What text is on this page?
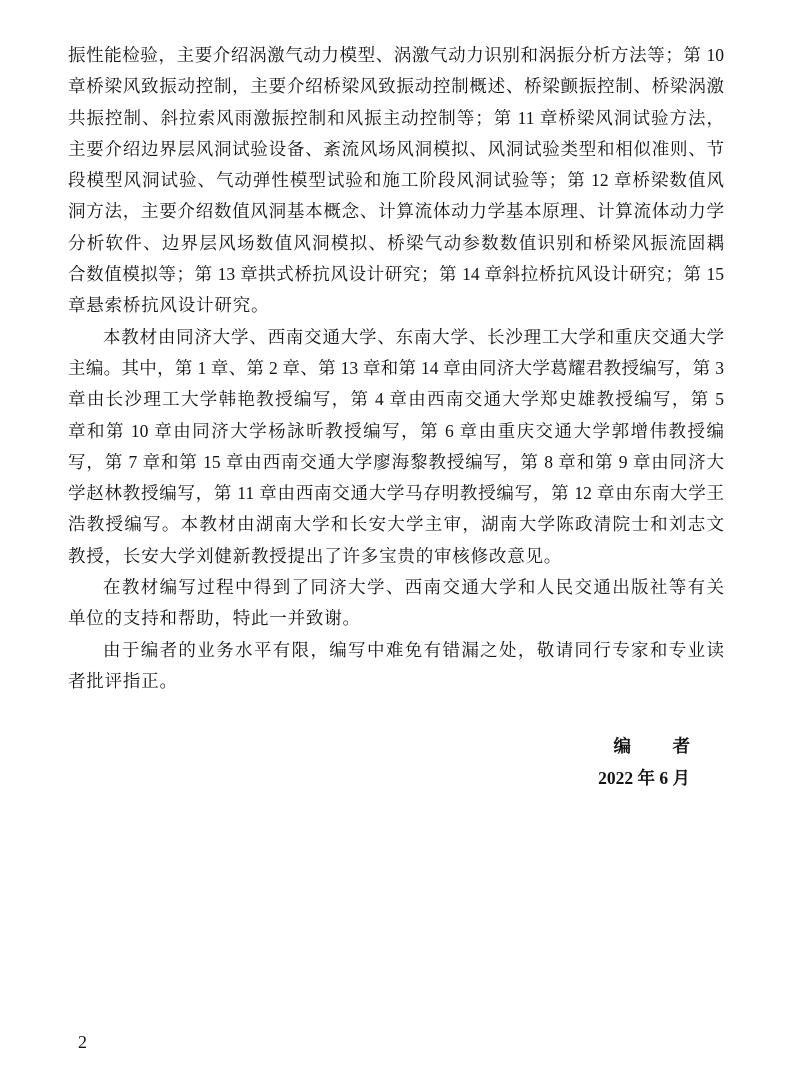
振性能检验，主要介绍涡激气动力模型、涡激气动力识别和涡振分析方法等；第 10
章桥梁风致振动控制，主要介绍桥梁风致振动控制概述、桥梁颤振控制、桥梁涡激
共振控制、斜拉索风雨激振控制和风振主动控制等；第 11 章桥梁风洞试验方法，
主要介绍边界层风洞试验设备、紊流风场风洞模拟、风洞试验类型和相似准则、节
段模型风洞试验、气动弹性模型试验和施工阶段风洞试验等；第 12 章桥梁数值风
洞方法，主要介绍数值风洞基本概念、计算流体动力学基本原理、计算流体动力学
分析软件、边界层风场数值风洞模拟、桥梁气动参数数值识别和桥梁风振流固耦
合数值模拟等；第 13 章拱式桥抗风设计研究；第 14 章斜拉桥抗风设计研究；第 15
章悬索桥抗风设计研究。
本教材由同济大学、西南交通大学、东南大学、长沙理工大学和重庆交通大学
主编。其中，第 1 章、第 2 章、第 13 章和第 14 章由同济大学葛耀君教授编写，第 3
章由长沙理工大学韩艳教授编写，第 4 章由西南交通大学郑史雄教授编写，第 5
章和第 10 章由同济大学杨詠昕教授编写，第 6 章由重庆交通大学郭增伟教授编
写，第 7 章和第 15 章由西南交通大学廖海黎教授编写，第 8 章和第 9 章由同济大
学赵林教授编写，第 11 章由西南交通大学马存明教授编写，第 12 章由东南大学王
浩教授编写。本教材由湖南大学和长安大学主审，湖南大学陈政清院士和刘志文
教授，长安大学刘健新教授提出了许多宝贵的审核修改意见。
在教材编写过程中得到了同济大学、西南交通大学和人民交通出版社等有关
单位的支持和帮助，特此一并致谢。
由于编者的业务水平有限，编写中难免有错漏之处，敬请同行专家和专业读
者批评指正。
编　者
2022 年 6 月
2
